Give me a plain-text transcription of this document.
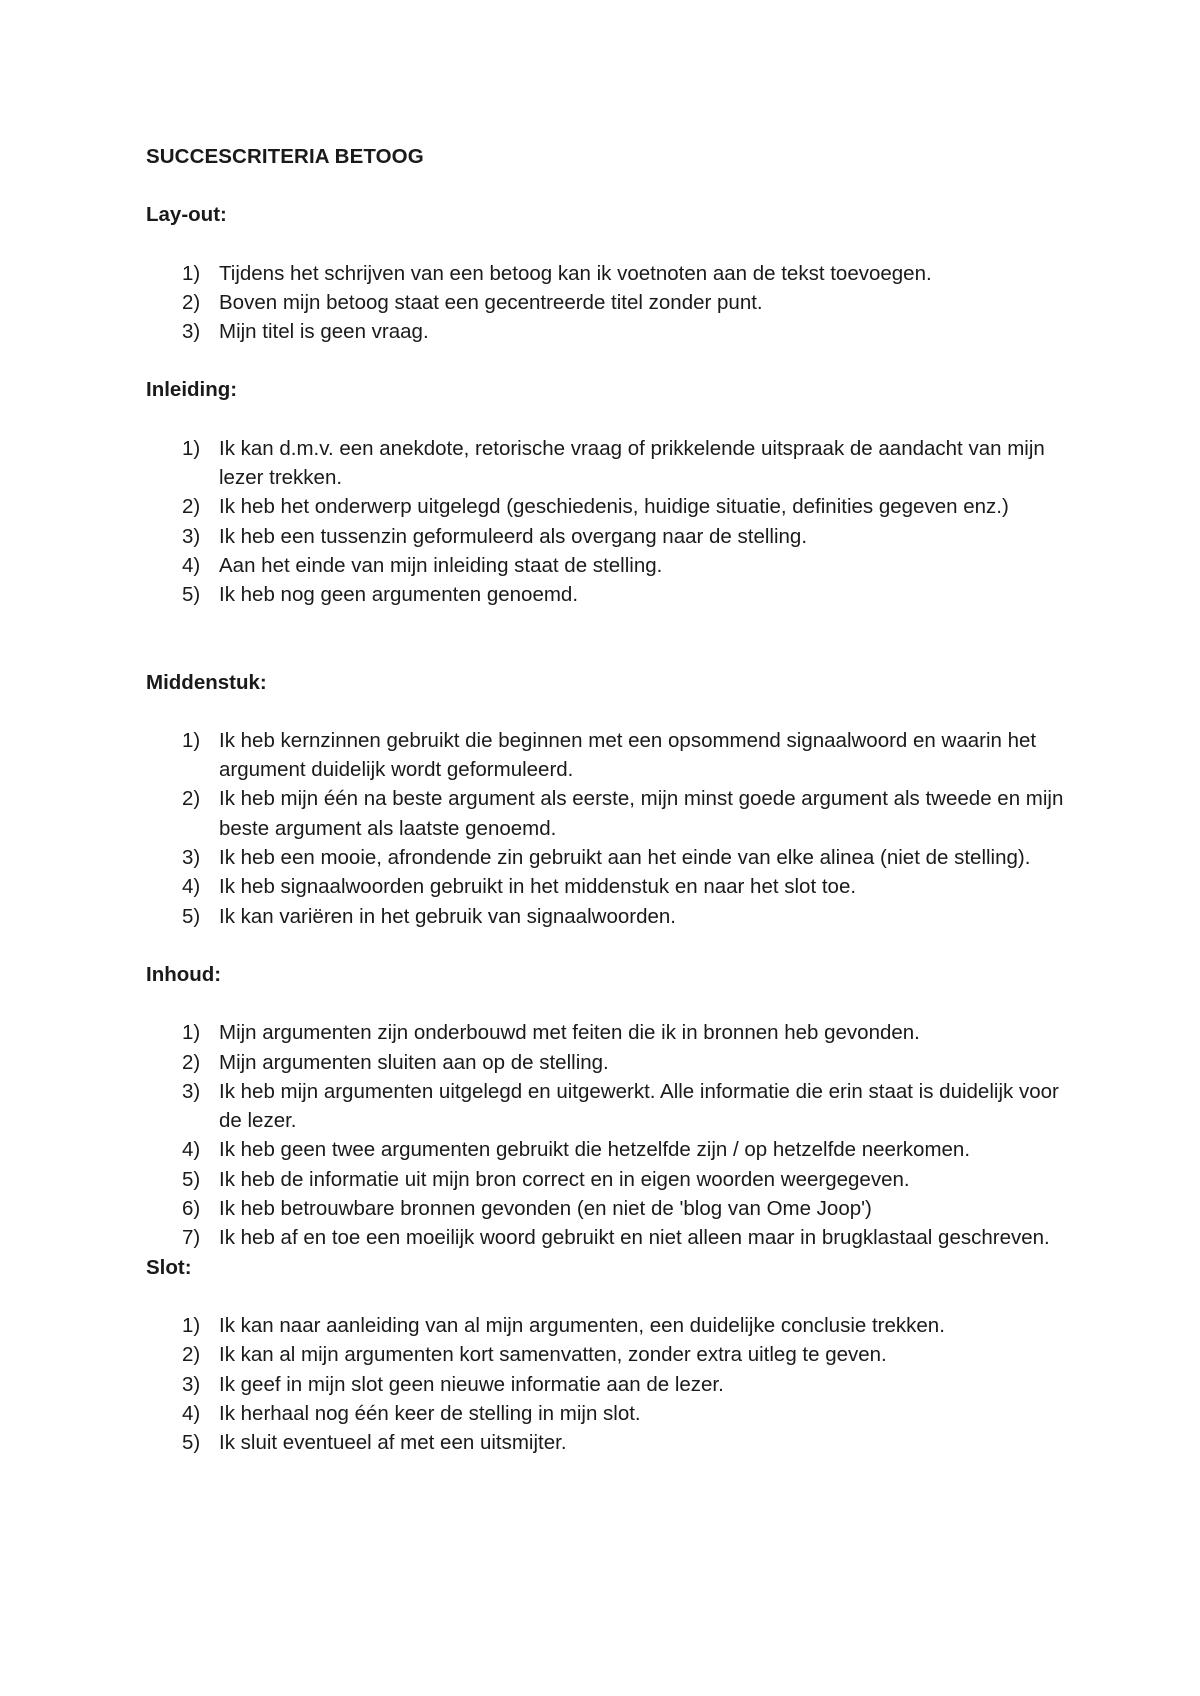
SUCCESCRITERIA BETOOG
Lay-out:
1) Tijdens het schrijven van een betoog kan ik voetnoten aan de tekst toevoegen.
2) Boven mijn betoog staat een gecentreerde titel zonder punt.
3) Mijn titel is geen vraag.
Inleiding:
1) Ik kan d.m.v. een anekdote, retorische vraag of prikkelende uitspraak de aandacht van mijn lezer trekken.
2) Ik heb het onderwerp uitgelegd (geschiedenis, huidige situatie, definities gegeven enz.)
3) Ik heb een tussenzin geformuleerd als overgang naar de stelling.
4) Aan het einde van mijn inleiding staat de stelling.
5) Ik heb nog geen argumenten genoemd.
Middenstuk:
1) Ik heb kernzinnen gebruikt die beginnen met een opsommend signaalwoord en waarin het argument duidelijk wordt geformuleerd.
2) Ik heb mijn één na beste argument als eerste, mijn minst goede argument als tweede en mijn beste argument als laatste genoemd.
3) Ik heb een mooie, afrondende zin gebruikt aan het einde van elke alinea (niet de stelling).
4) Ik heb signaalwoorden gebruikt in het middenstuk en naar het slot toe.
5) Ik kan variëren in het gebruik van signaalwoorden.
Inhoud:
1) Mijn argumenten zijn onderbouwd met feiten die ik in bronnen heb gevonden.
2) Mijn argumenten sluiten aan op de stelling.
3) Ik heb mijn argumenten uitgelegd en uitgewerkt. Alle informatie die erin staat is duidelijk voor de lezer.
4) Ik heb geen twee argumenten gebruikt die hetzelfde zijn / op hetzelfde neerkomen.
5) Ik heb de informatie uit mijn bron correct en in eigen woorden weergegeven.
6) Ik heb betrouwbare bronnen gevonden (en niet de 'blog van Ome Joop')
7) Ik heb af en toe een moeilijk woord gebruikt en niet alleen maar in brugklastaal geschreven.
Slot:
1) Ik kan naar aanleiding van al mijn argumenten, een duidelijke conclusie trekken.
2) Ik kan al mijn argumenten kort samenvatten, zonder extra uitleg te geven.
3) Ik geef in mijn slot geen nieuwe informatie aan de lezer.
4) Ik herhaal nog één keer de stelling in mijn slot.
5) Ik sluit eventueel af met een uitsmijter.
